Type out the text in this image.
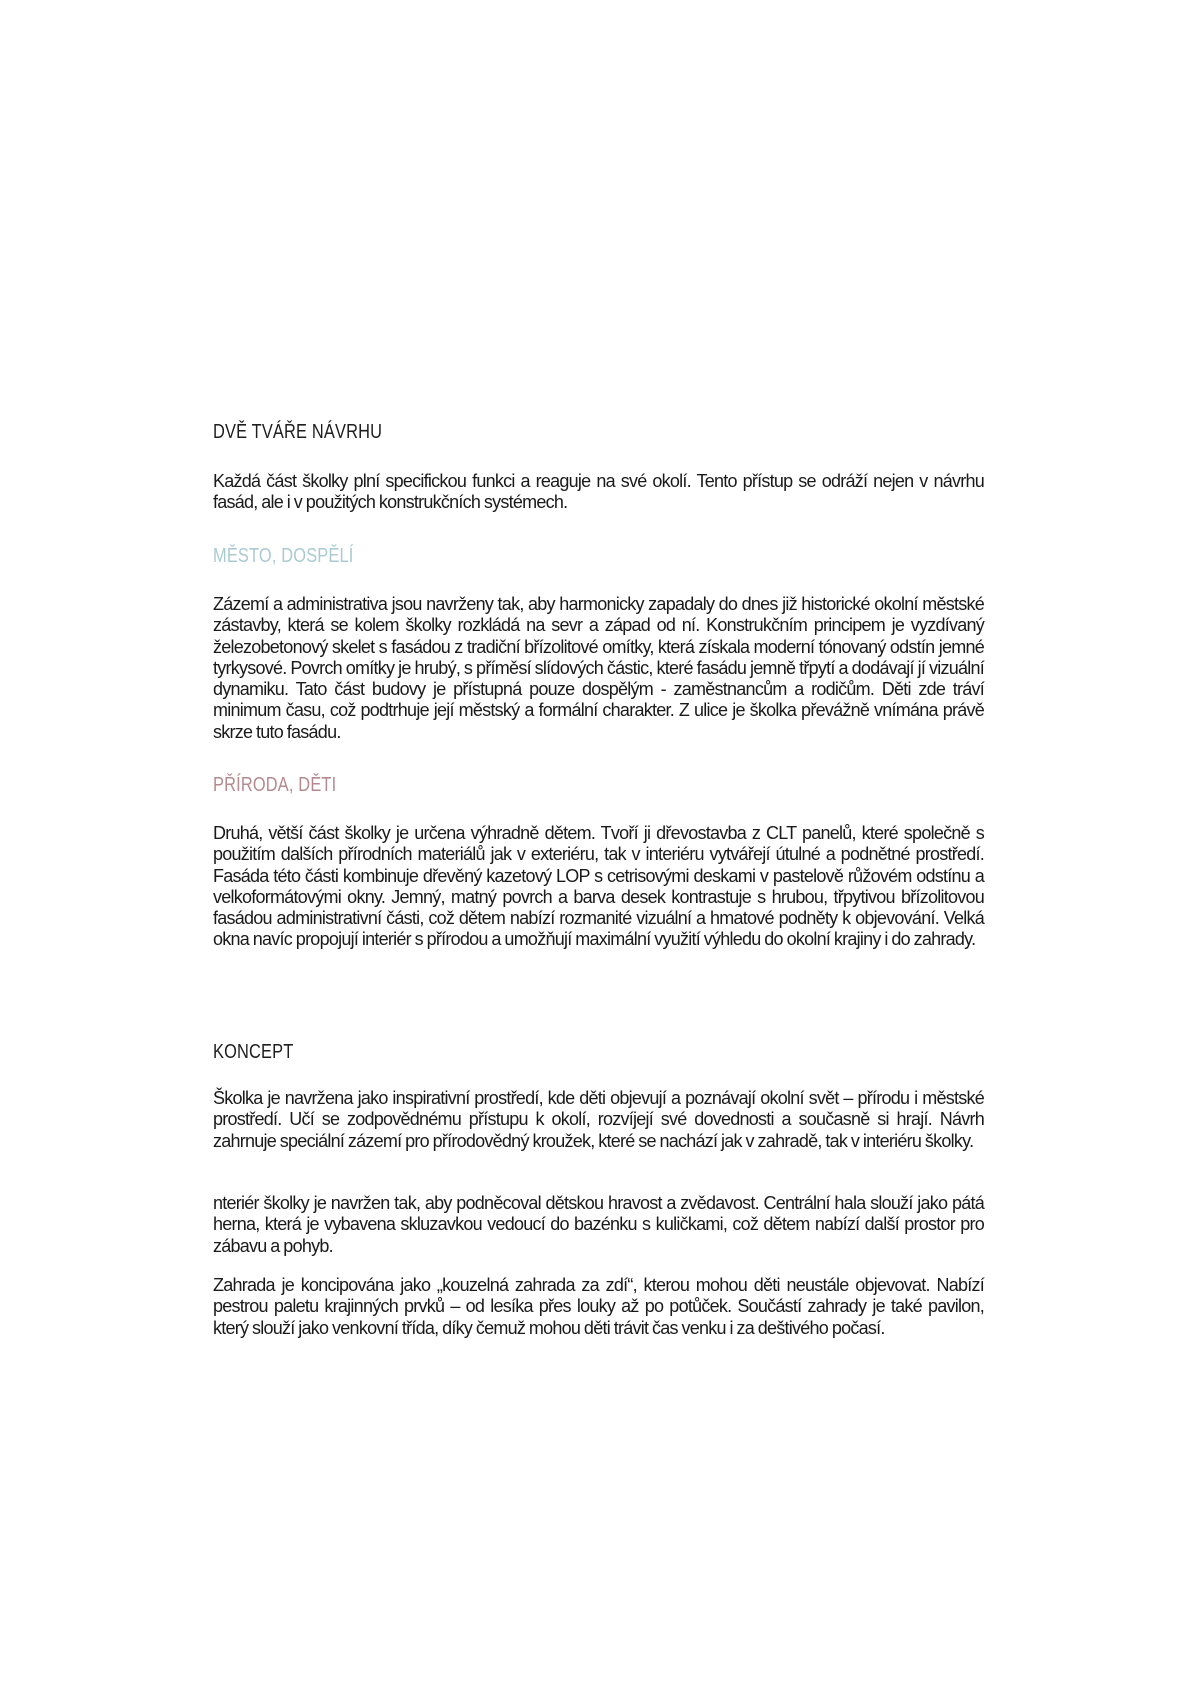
DVĚ TVÁŘE NÁVRHU

Každá část školky plní specifickou funkci a reaguje na své okolí. Tento přístup se odráží nejen v návrhu fasád, ale i v použitých konstrukčních systémech.

MĚSTO, DOSPĚLÍ

Zázemí a administrativa jsou navrženy tak, aby harmonicky zapadaly do dnes již historické okolní městské zástavby, která se kolem školky rozkládá na sevr a západ od ní. Konstrukčním principem je vyzdívaný železobetonový skelet s fasádou z tradiční břízolitové omítky, která získala moderní tónovaný odstín jemné tyrkysové. Povrch omítky je hrubý, s příměsí slídových částic, které fasádu jemně třpytí a dodávají jí vizuální dynamiku. Tato část budovy je přístupná pouze dospělým - zaměstnancům a rodičům. Děti zde tráví minimum času, což podtrhuje její městský a formální charakter. Z ulice je školka převážně vnímána právě skrze tuto fasádu.

PŘÍRODA, DĚTI

Druhá, větší část školky je určena výhradně dětem. Tvoří ji dřevostavba z CLT panelů, které společně s použitím dalších přírodních materiálů jak v exteriéru, tak v interiéru vytvářejí útulné a podnětné prostředí. Fasáda této části kombinuje dřevěný kazetový LOP s cetrisovými deskami v pastelově růžovém odstínu a velkoformátovými okny. Jemný, matný povrch a barva desek kontrastuje s hrubou, třpytivou břízolitovou fasádou administrativní části, což dětem nabízí rozmanité vizuální a hmatové podněty k objevování. Velká okna navíc propojují interiér s přírodou a umožňují maximální využití výhledu do okolní krajiny i do zahrady.

KONCEPT

Školka je navržena jako inspirativní prostředí, kde děti objevují a poznávají okolní svět – přírodu i městské prostředí. Učí se zodpovědnému přístupu k okolí, rozvíjejí své dovednosti a současně si hrají. Návrh zahrnuje speciální zázemí pro přírodovědný kroužek, které se nachází jak v zahradě, tak v interiéru školky.

nteriér školky je navržen tak, aby podněcoval dětskou hravost a zvědavost. Centrální hala slouží jako pátá herna, která je vybavena skluzavkou vedoucí do bazénku s kuličkami, což dětem nabízí další prostor pro zábavu a pohyb.

Zahrada je koncipována jako „kouzelná zahrada za zdí“, kterou mohou děti neustále objevovat. Nabízí pestrou paletu krajinných prvků – od lesíka přes louky až po potůček. Součástí zahrady je také pavilon, který slouží jako venkovní třída, díky čemuž mohou děti trávit čas venku i za deštivého počasí.
